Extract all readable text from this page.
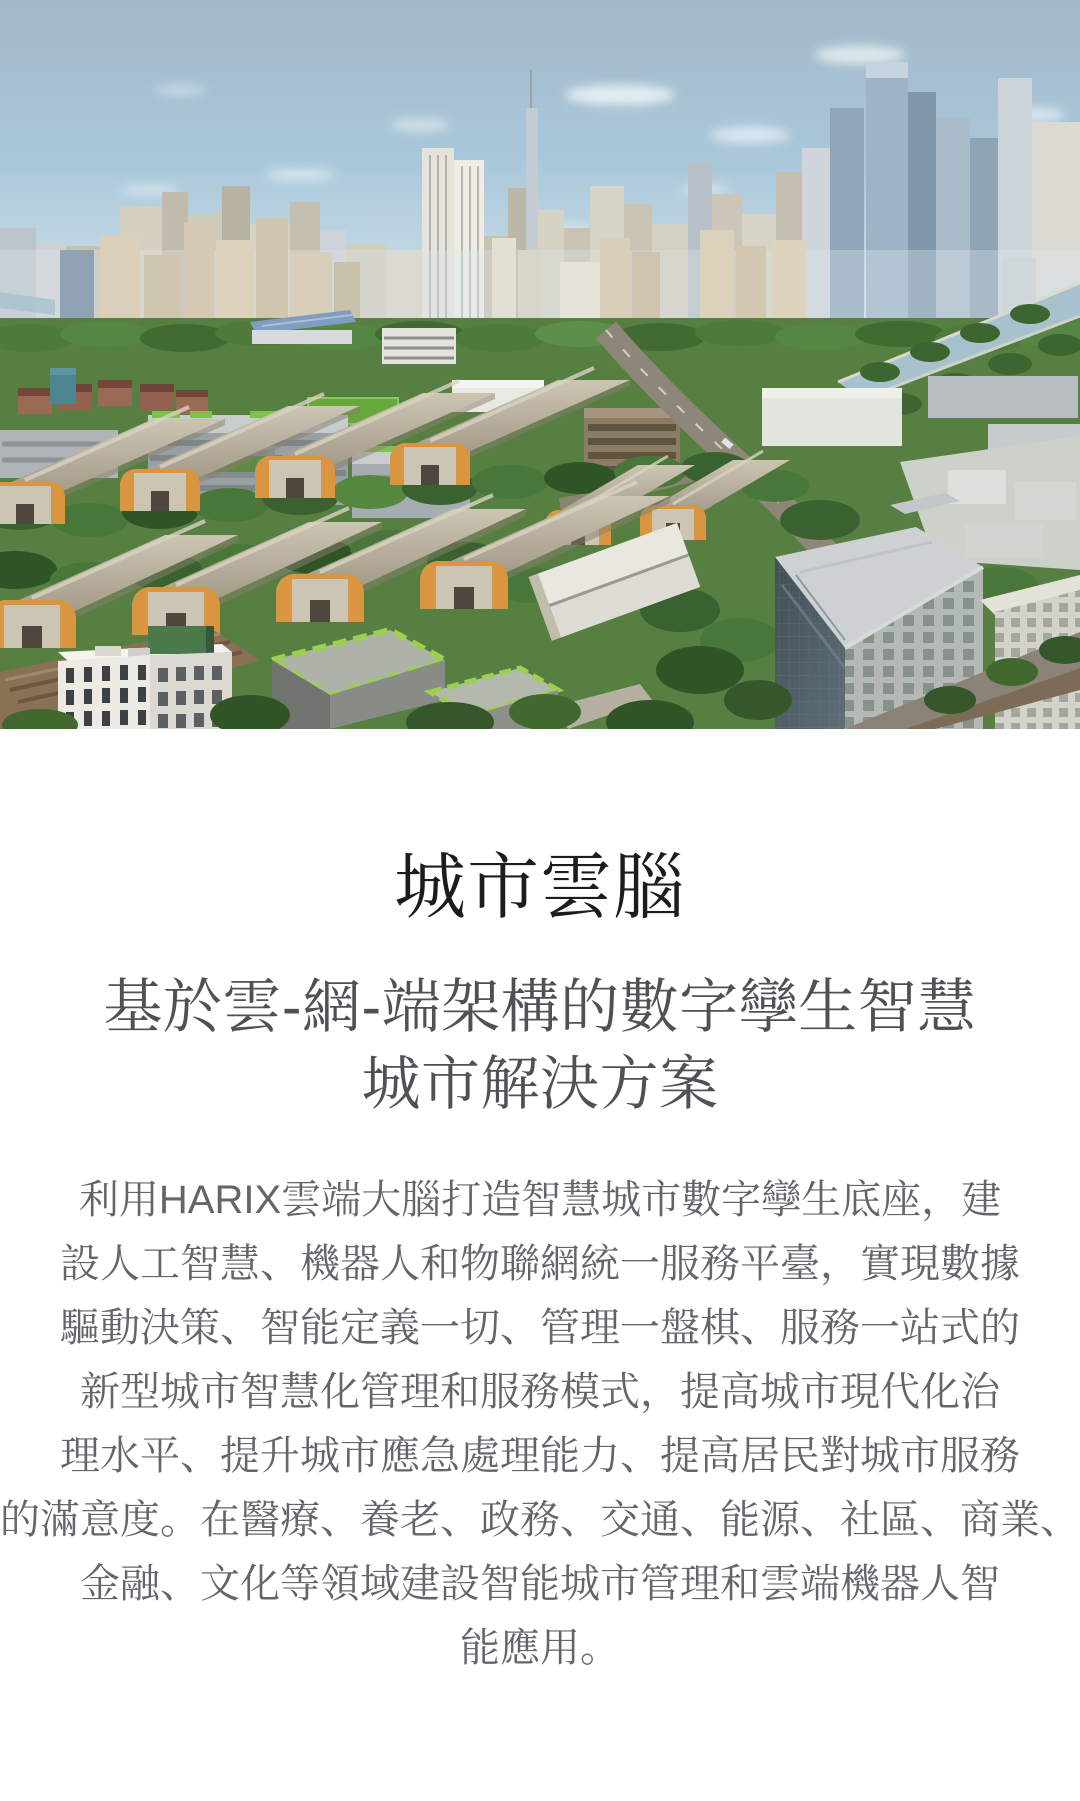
城市雲腦
基於雲-網-端架構的數字孿生智慧
城市解決方案

利用HARIX雲端大腦打造智慧城市數字孿生底座，建
設人工智慧、機器人和物聯網統一服務平臺，實現數據
驅動決策、智能定義一切、管理一盤棋、服務一站式的
新型城市智慧化管理和服務模式，提高城市現代化治
理水平、提升城市應急處理能力、提高居民對城市服務
的滿意度。在醫療、養老、政務、交通、能源、社區、商業、
金融、文化等領域建設智能城市管理和雲端機器人智
能應用。
